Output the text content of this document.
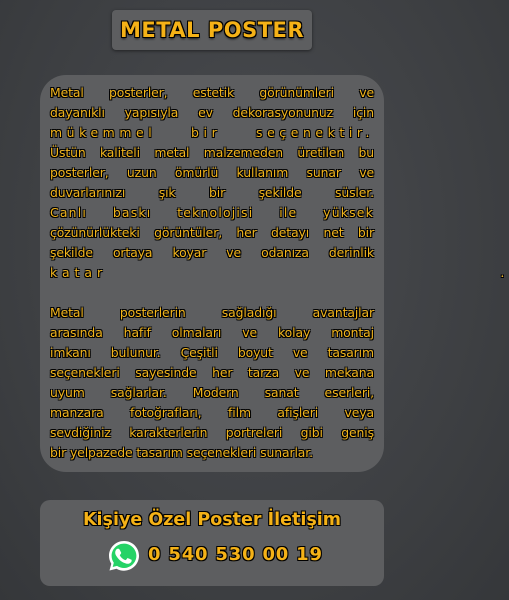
METAL POSTER

Metal posterler, estetik görünümleri ve
dayanıklı yapısıyla ev dekorasyonunuz için
mükemmel bir seçenektir.
Üstün kaliteli metal malzemeden üretilen bu
posterler, uzun ömürlü kullanım sunar ve
duvarlarınızı şık bir şekilde süsler.
Canlı baskı teknolojisi ile yüksek
çözünürlükteki görüntüler, her detayı net bir
şekilde ortaya koyar ve odanıza derinlik
katar                                            .

Metal posterlerin sağladığı avantajlar
arasında hafif olmaları ve kolay montaj
imkanı bulunur. Çeşitli boyut ve tasarım
seçenekleri sayesinde her tarza ve mekana
uyum sağlarlar. Modern sanat eserleri,
manzara fotoğrafları, film afişleri veya
sevdiğiniz karakterlerin portreleri gibi geniş
bir yelpazede tasarım seçenekleri sunarlar.

Kişiye Özel Poster İletişim
0 540 530 00 19
